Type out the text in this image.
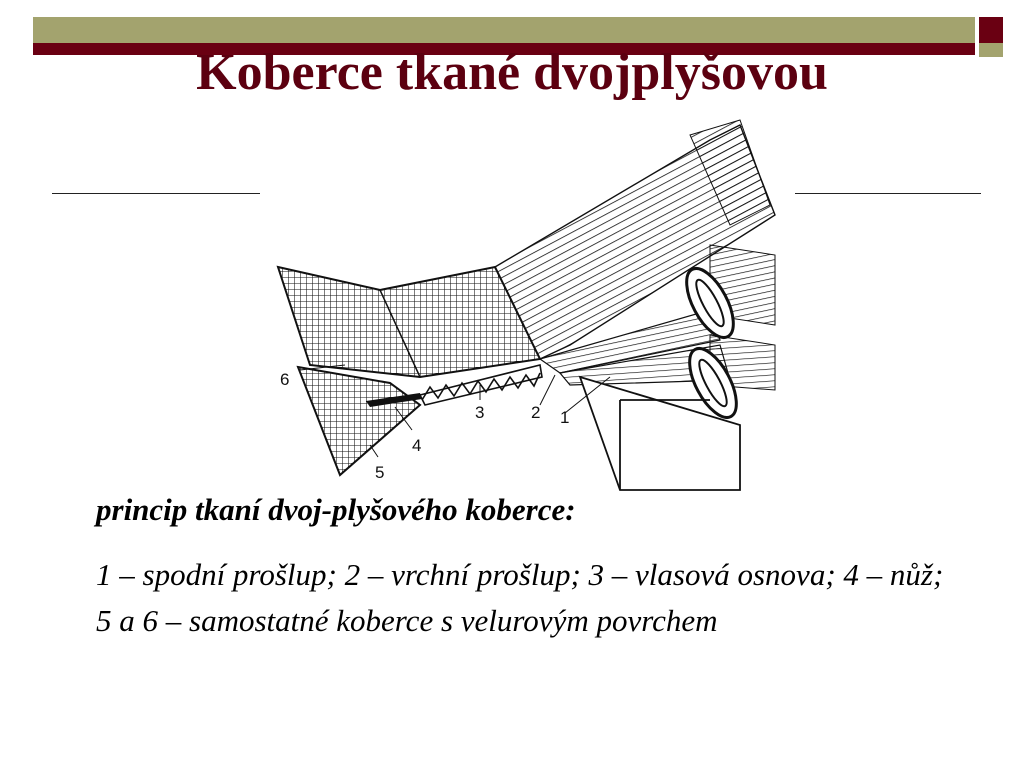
Koberce tkané dvojplyšovou
6
3	2 1
4
5
princip tkaní dvoj-plyšového koberce:
1 – spodní prošlup; 2 – vrchní prošlup; 3 – vlasová osnova; 4 – nůž; 5 a 6 – samostatné koberce s velurovým povrchem
